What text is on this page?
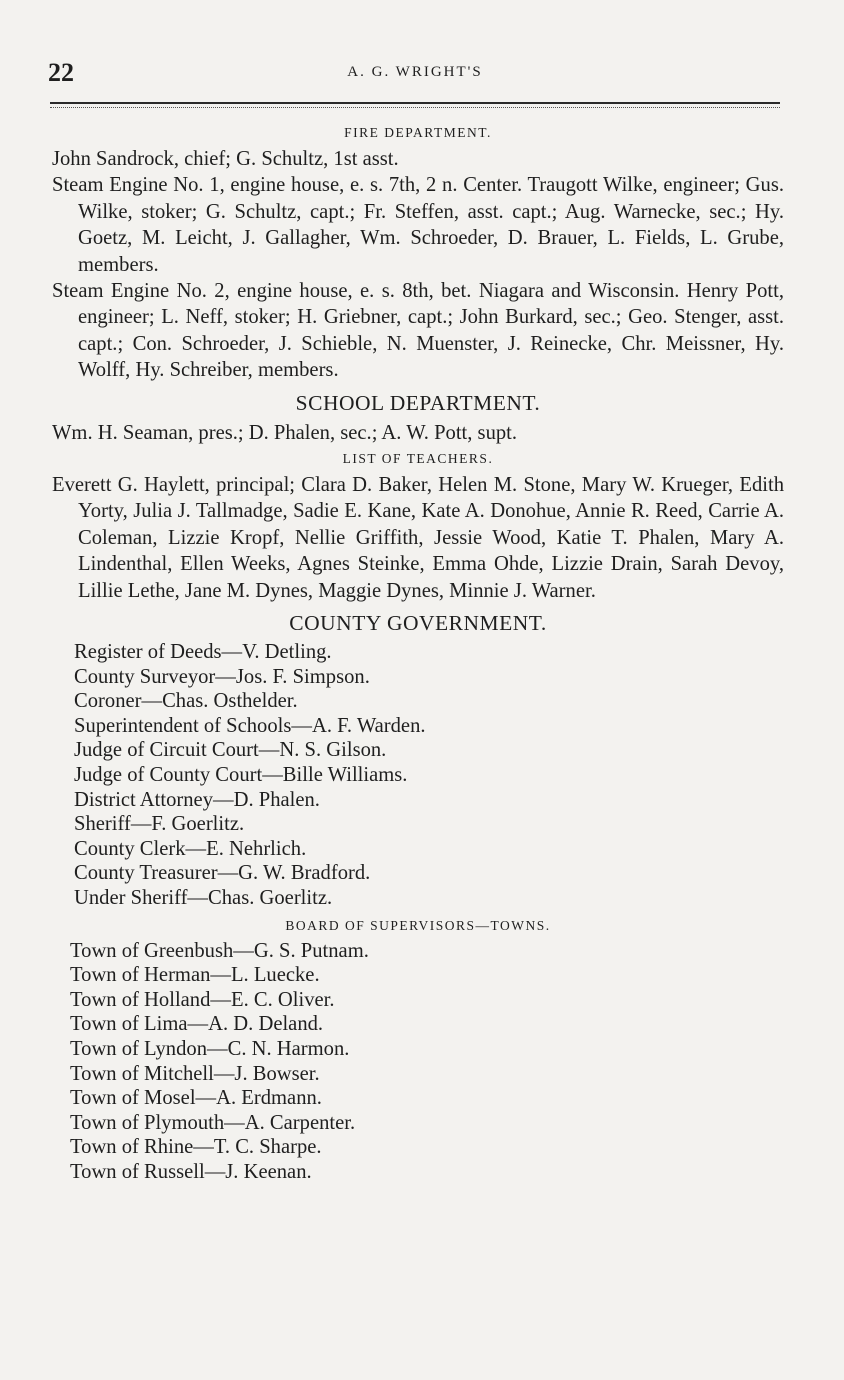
22	A. G. WRIGHT'S

FIRE DEPARTMENT.

John Sandrock, chief; G. Schultz, 1st asst.

Steam Engine No. 1, engine house, e. s. 7th, 2 n. Center. Traugott Wilke, engineer; Gus. Wilke, stoker; G. Schultz, capt.; Fr. Steffen, asst. capt.; Aug. Warnecke, sec.; Hy. Goetz, M. Leicht, J. Gallagher, Wm. Schroeder, D. Brauer, L. Fields, L. Grube, members.

Steam Engine No. 2, engine house, e. s. 8th, bet. Niagara and Wisconsin. Henry Pott, engineer; L. Neff, stoker; H. Griebner, capt.; John Burkard, sec.; Geo. Stenger, asst. capt.; Con. Schroeder, J. Schieble, N. Muenster, J. Reinecke, Chr. Meissner, Hy. Wolff, Hy. Schreiber, members.

SCHOOL DEPARTMENT.

Wm. H. Seaman, pres.; D. Phalen, sec.; A. W. Pott, supt.

LIST OF TEACHERS.

Everett G. Haylett, principal; Clara D. Baker, Helen M. Stone, Mary W. Krueger, Edith Yorty, Julia J. Tallmadge, Sadie E. Kane, Kate A. Donohue, Annie R. Reed, Carrie A. Coleman, Lizzie Kropf, Nellie Griffith, Jessie Wood, Katie T. Phalen, Mary A. Lindenthal, Ellen Weeks, Agnes Steinke, Emma Ohde, Lizzie Drain, Sarah Devoy, Lillie Lethe, Jane M. Dynes, Maggie Dynes, Minnie J. Warner.

COUNTY GOVERNMENT.

Register of Deeds—V. Detling.

County Surveyor—Jos. F. Simpson.

Coroner—Chas. Osthelder.

Superintendent of Schools—A. F. Warden.

Judge of Circuit Court—N. S. Gilson.

Judge of County Court—Bille Williams.

District Attorney—D. Phalen.

Sheriff—F. Goerlitz.

County Clerk—E. Nehrlich.

County Treasurer—G. W. Bradford.

Under Sheriff—Chas. Goerlitz.

BOARD OF SUPERVISORS—TOWNS.

Town of Greenbush—G. S. Putnam.

Town of Herman—L. Luecke.

Town of Holland—E. C. Oliver.

Town of Lima—A. D. Deland.

Town of Lyndon—C. N. Harmon.

Town of Mitchell—J. Bowser.

Town of Mosel—A. Erdmann.

Town of Plymouth—A. Carpenter.

Town of Rhine—T. C. Sharpe.

Town of Russell—J. Keenan.
